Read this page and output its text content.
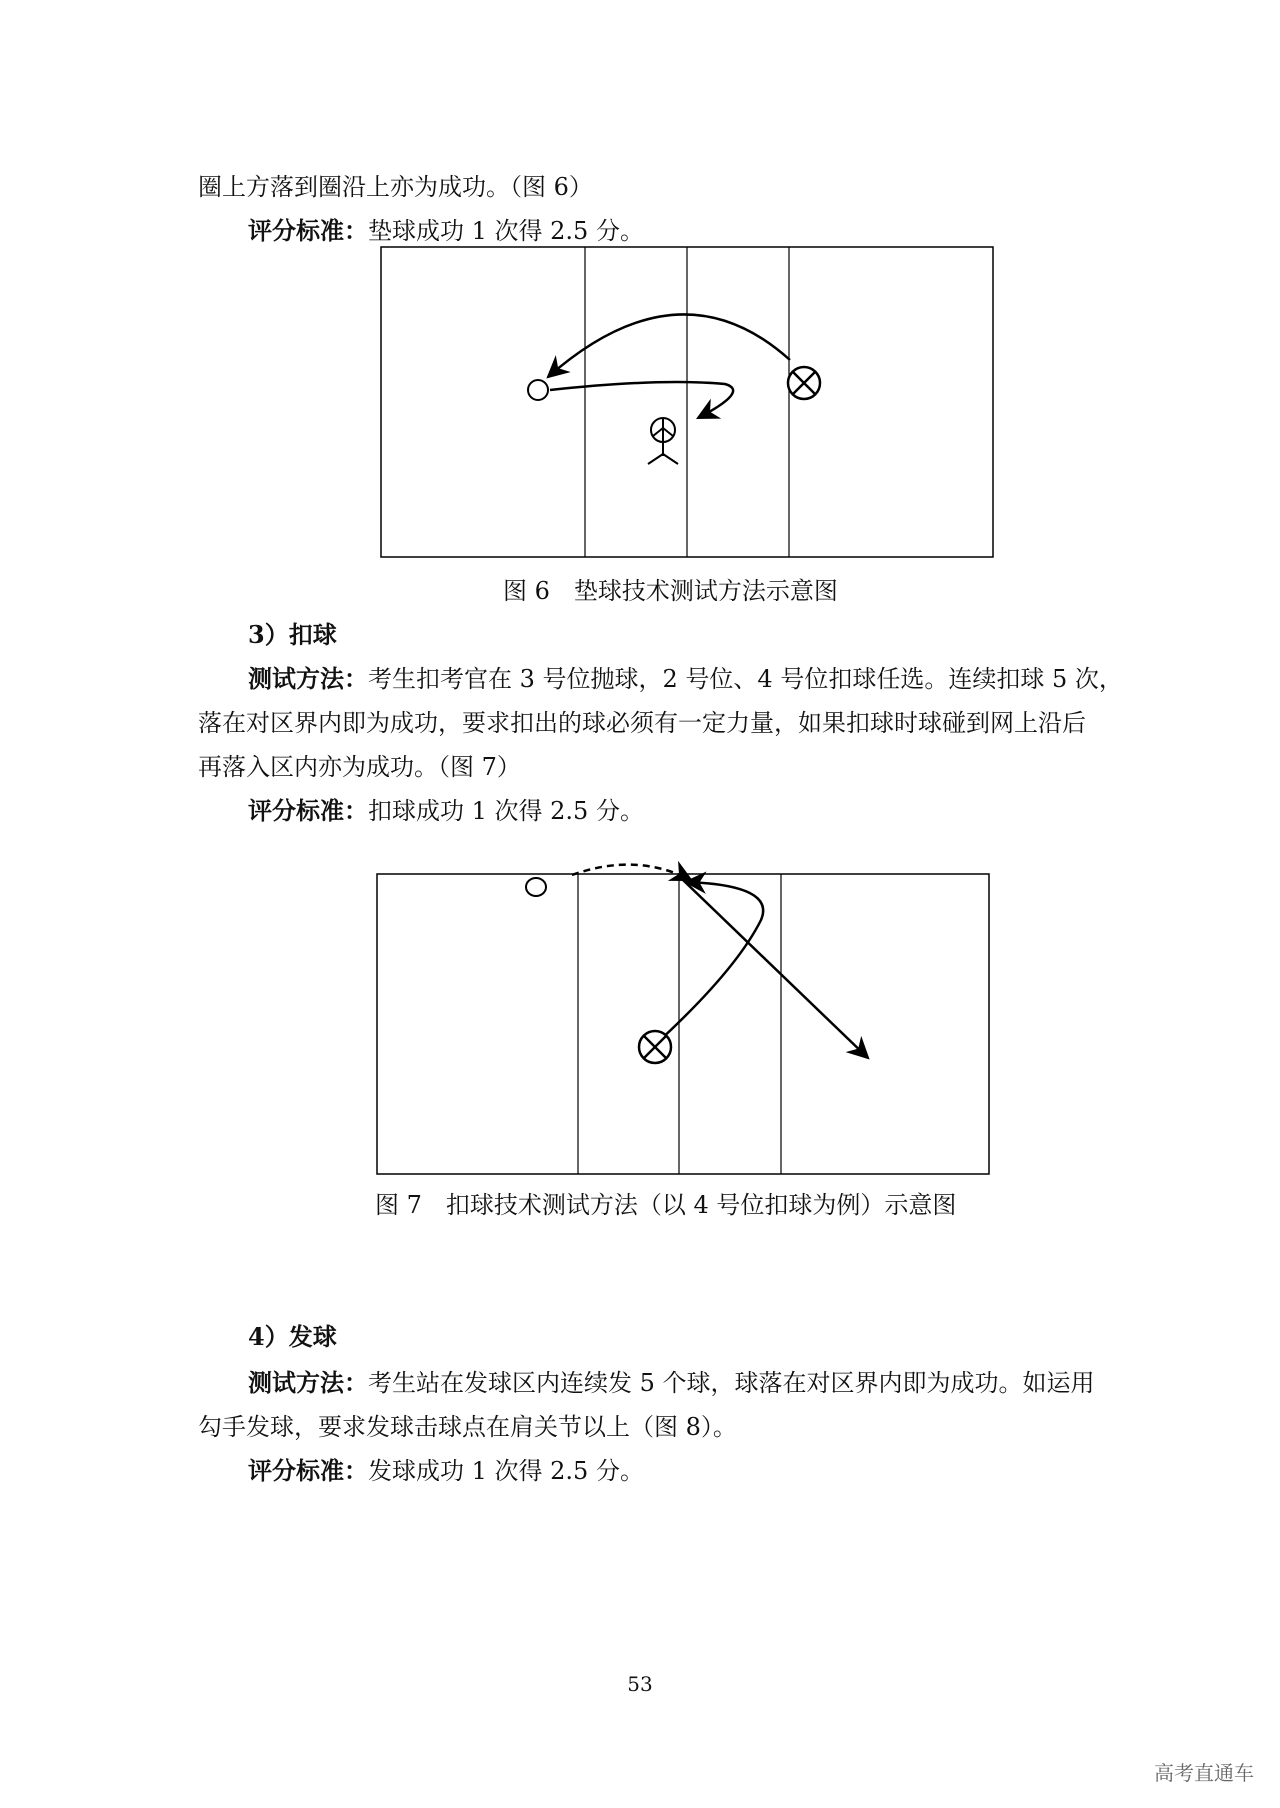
圈上方落到圈沿上亦为成功。（图 6）
评分标准：垫球成功 1 次得 2.5 分。
图 6　垫球技术测试方法示意图
3）扣球
测试方法：考生扣考官在 3 号位抛球，2 号位、4 号位扣球任选。连续扣球 5 次，
落在对区界内即为成功，要求扣出的球必须有一定力量，如果扣球时球碰到网上沿后
再落入区内亦为成功。（图 7）
评分标准：扣球成功 1 次得 2.5 分。
图 7　扣球技术测试方法（以 4 号位扣球为例）示意图
4）发球
测试方法：考生站在发球区内连续发 5 个球，球落在对区界内即为成功。如运用
勾手发球，要求发球击球点在肩关节以上（图 8）。
评分标准：发球成功 1 次得 2.5 分。
53
高考直通车
